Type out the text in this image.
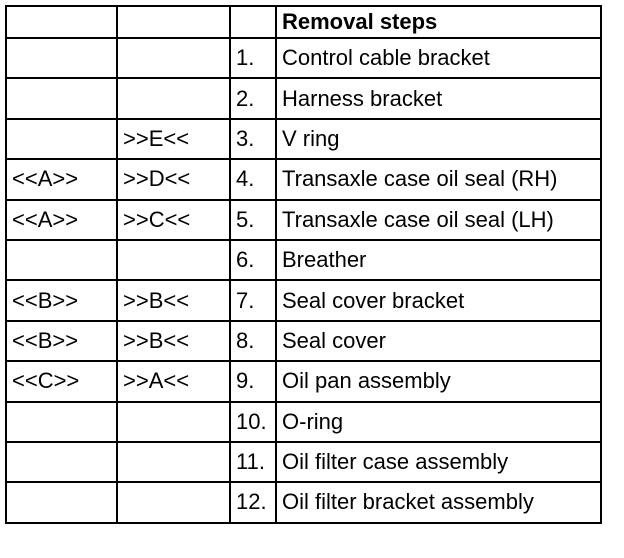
			Removal steps
		1.	Control cable bracket
		2.	Harness bracket
	>>E<<	3.	V ring
<<A>>	>>D<<	4.	Transaxle case oil seal (RH)
<<A>>	>>C<<	5.	Transaxle case oil seal (LH)
		6.	Breather
<<B>>	>>B<<	7.	Seal cover bracket
<<B>>	>>B<<	8.	Seal cover
<<C>>	>>A<<	9.	Oil pan assembly
		10.	O-ring
		11.	Oil filter case assembly
		12.	Oil filter bracket assembly
